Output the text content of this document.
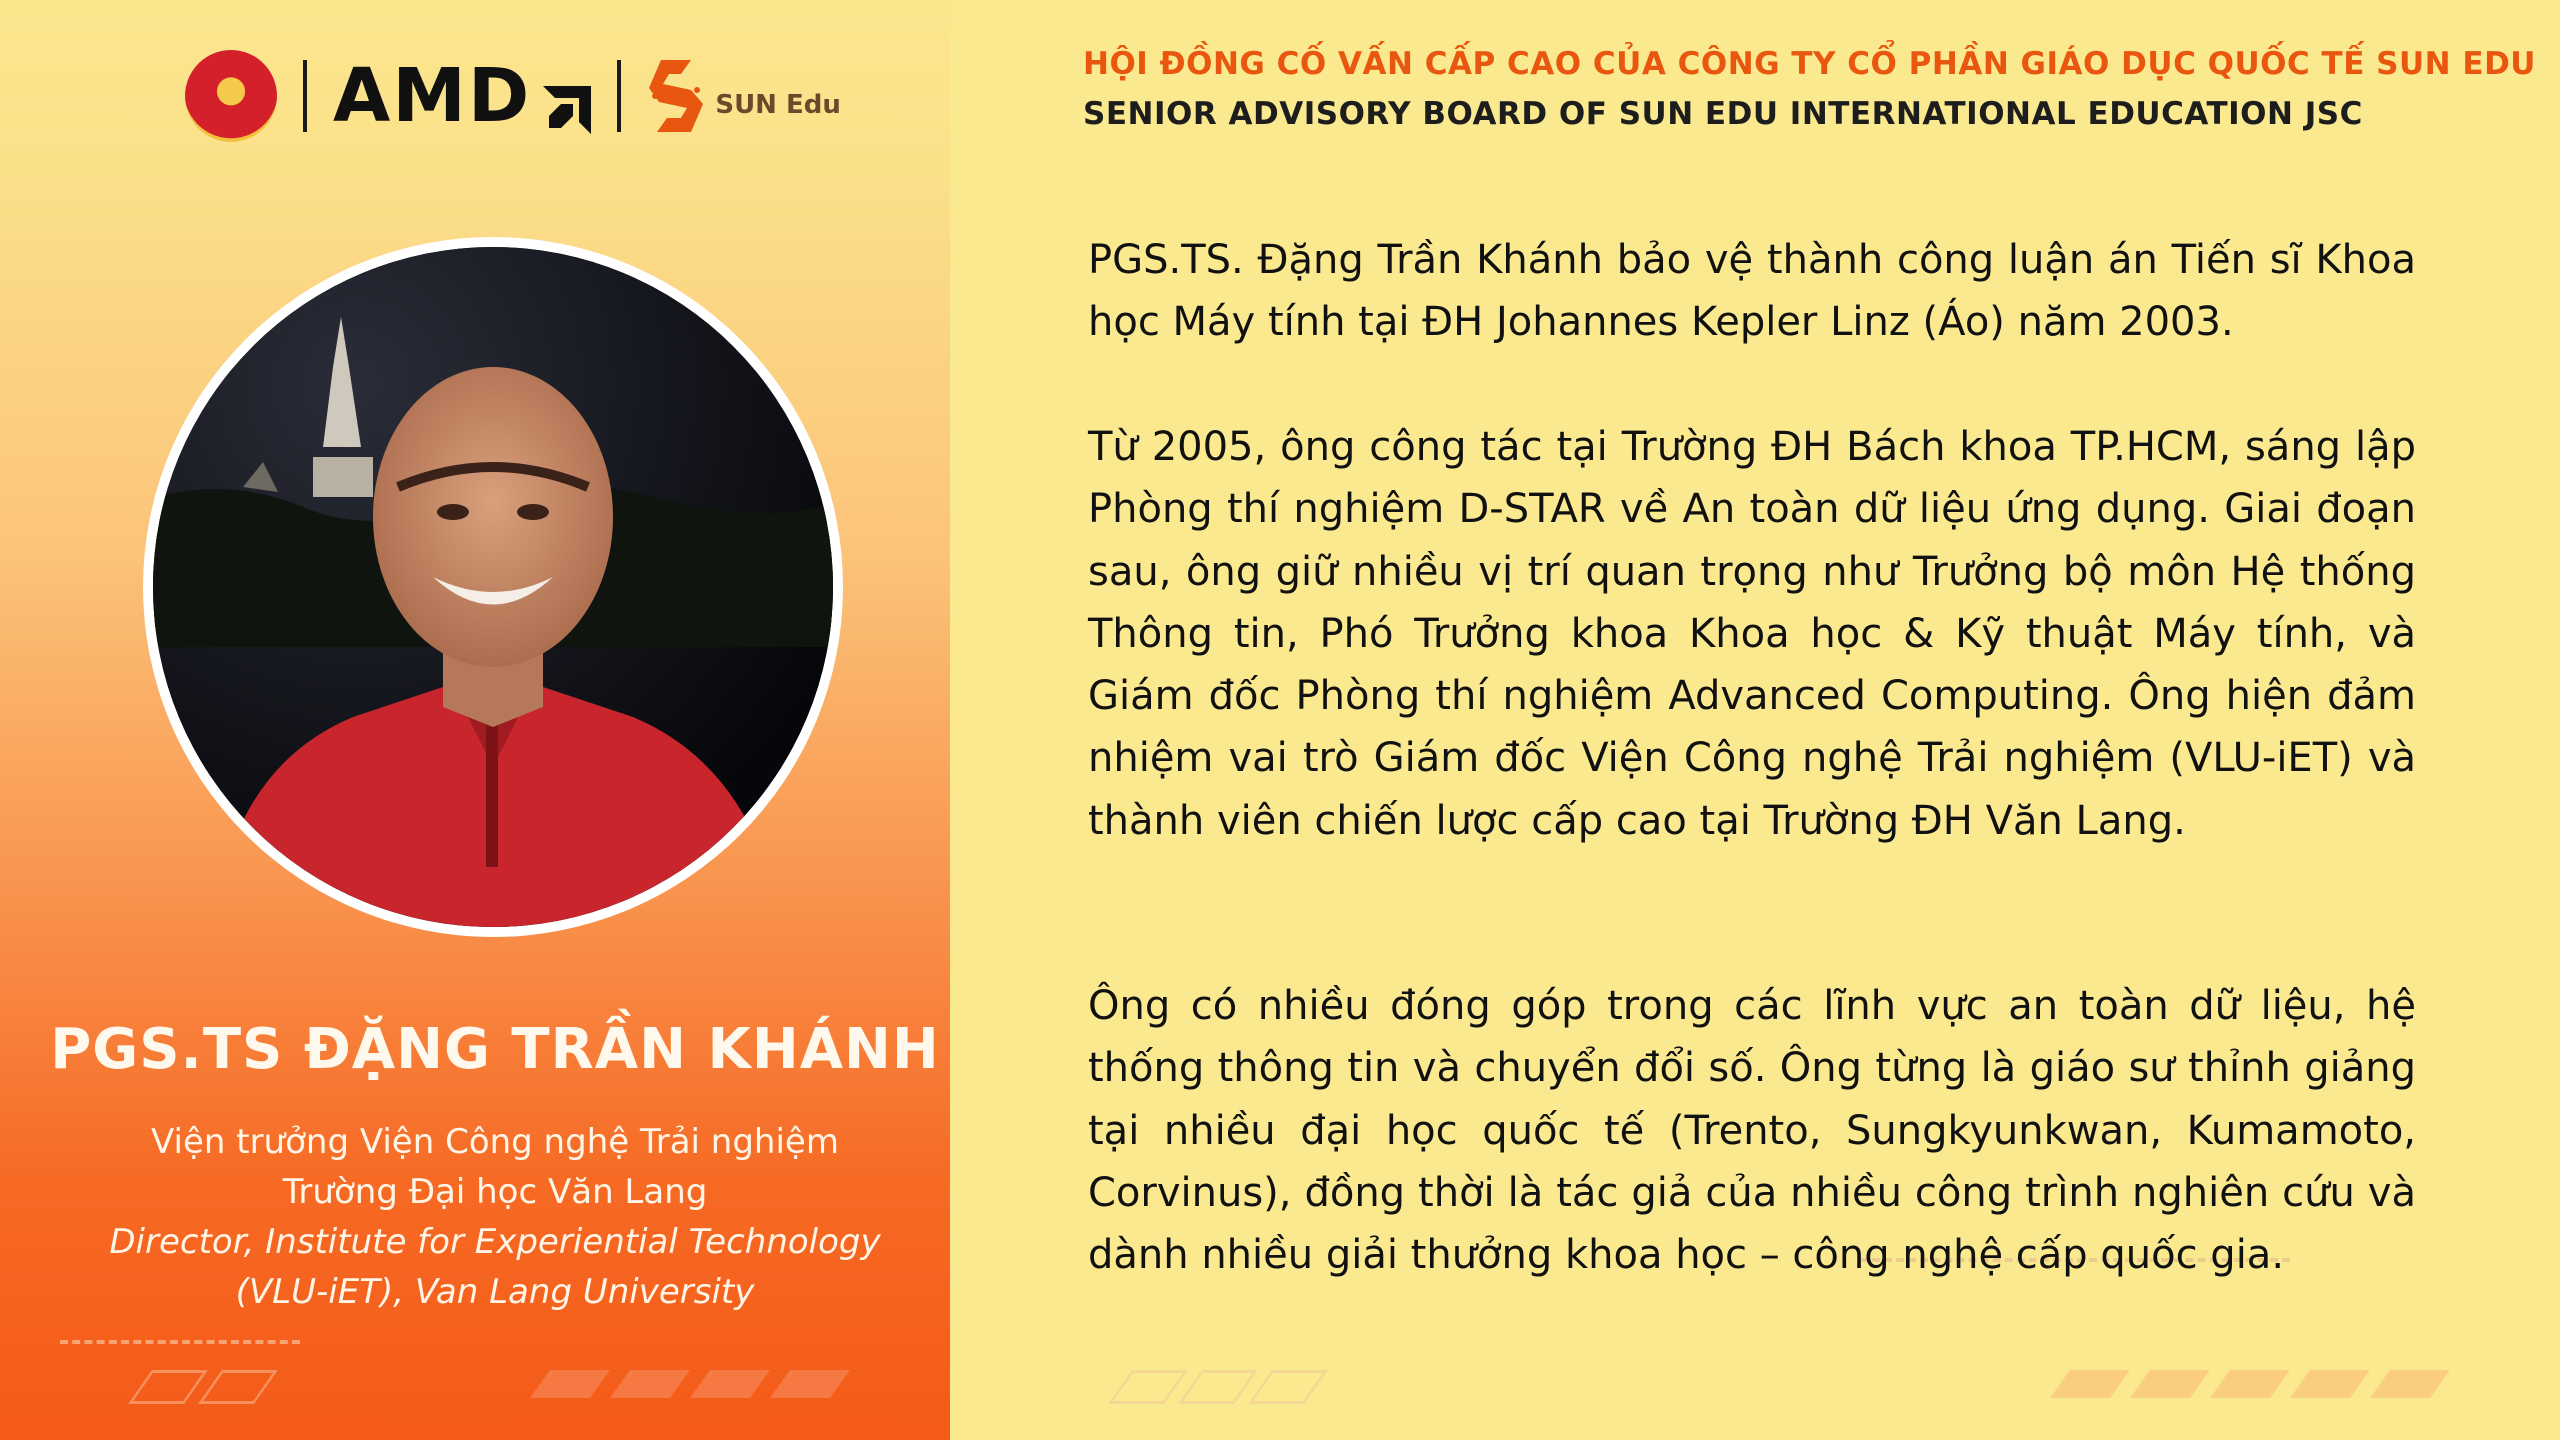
AMD	SUN Edu
PGS.TS ĐẶNG TRẦN KHÁNH
Viện trưởng Viện Công nghệ Trải nghiệm
Trường Đại học Văn Lang
Director, Institute for Experiential Technology
(VLU-iET), Van Lang University
HỘI ĐỒNG CỐ VẤN CẤP CAO CỦA CÔNG TY CỔ PHẦN GIÁO DỤC QUỐC TẾ SUN EDU
SENIOR ADVISORY BOARD OF SUN EDU INTERNATIONAL EDUCATION JSC
PGS.TS. Đặng Trần Khánh bảo vệ thành công luận án Tiến sĩ Khoa học Máy tính tại ĐH Johannes Kepler Linz (Áo) năm 2003.
Từ 2005, ông công tác tại Trường ĐH Bách khoa TP.HCM, sáng lập Phòng thí nghiệm D-STAR về An toàn dữ liệu ứng dụng. Giai đoạn sau, ông giữ nhiều vị trí quan trọng như Trưởng bộ môn Hệ thống Thông tin, Phó Trưởng khoa Khoa học & Kỹ thuật Máy tính, và Giám đốc Phòng thí nghiệm Advanced Computing. Ông hiện đảm nhiệm vai trò Giám đốc Viện Công nghệ Trải nghiệm (VLU-iET) và thành viên chiến lược cấp cao tại Trường ĐH Văn Lang.
Ông có nhiều đóng góp trong các lĩnh vực an toàn dữ liệu, hệ thống thông tin và chuyển đổi số. Ông từng là giáo sư thỉnh giảng tại nhiều đại học quốc tế (Trento, Sungkyunkwan, Kumamoto, Corvinus), đồng thời là tác giả của nhiều công trình nghiên cứu và dành nhiều giải thưởng khoa học – công nghệ cấp quốc gia.
